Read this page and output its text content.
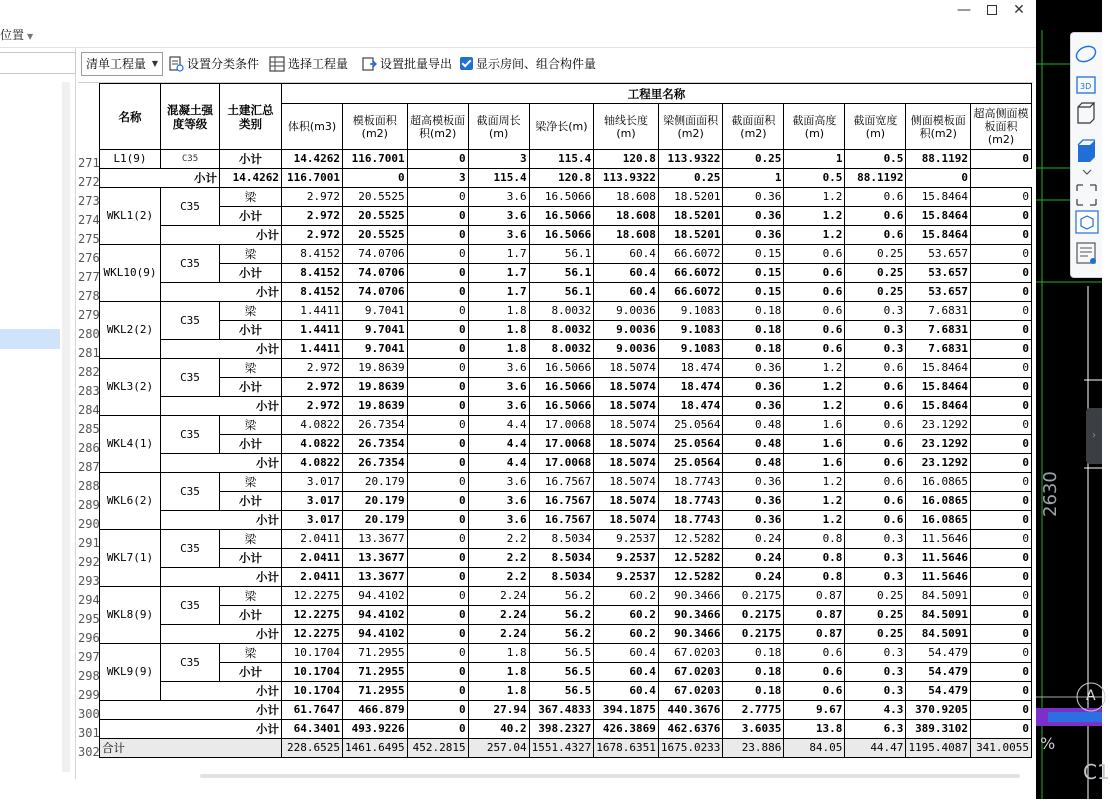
—	✕
位置 ▼
清单工程量 ▼	设置分类条件	选择工程量	设置批量导出	显示房间、组合构件量
271
272
273
274
275
276
277
278
279
280
281
282
283
284
285
286
287
288
289
290
291
292
293
294
295
296
297
298
299
300
301
302
名称	混凝土强度等级	土建汇总类别	工程里名称											
			体积(m3)	模板面积(m2)	超高模板面积(m2)	截面周长(m)	梁净长(m)	轴线长度(m)	梁侧面面积(m2)	截面面积(m2)	截面高度(m)	截面宽度(m)	侧面模板面积(m2)	超高侧面模板面积(m2)
L1(9)	C35	小计	14.4262	116.7001	0	3	115.4	120.8	113.9322	0.25	1	0.5	88.1192	0
小计		14.4262	116.7001	0	3	115.4	120.8	113.9322	0.25	1	0.5	88.1192	0	
WKL1(2)	C35	梁	2.972	20.5525	0	3.6	16.5066	18.608	18.5201	0.36	1.2	0.6	15.8464	0
		小计	2.972	20.5525	0	3.6	16.5066	18.608	18.5201	0.36	1.2	0.6	15.8464	0
	小计		2.972	20.5525	0	3.6	16.5066	18.608	18.5201	0.36	1.2	0.6	15.8464	0
WKL10(9)	C35	梁	8.4152	74.0706	0	1.7	56.1	60.4	66.6072	0.15	0.6	0.25	53.657	0
		小计	8.4152	74.0706	0	1.7	56.1	60.4	66.6072	0.15	0.6	0.25	53.657	0
	小计		8.4152	74.0706	0	1.7	56.1	60.4	66.6072	0.15	0.6	0.25	53.657	0
WKL2(2)	C35	梁	1.4411	9.7041	0	1.8	8.0032	9.0036	9.1083	0.18	0.6	0.3	7.6831	0
		小计	1.4411	9.7041	0	1.8	8.0032	9.0036	9.1083	0.18	0.6	0.3	7.6831	0
	小计		1.4411	9.7041	0	1.8	8.0032	9.0036	9.1083	0.18	0.6	0.3	7.6831	0
WKL3(2)	C35	梁	2.972	19.8639	0	3.6	16.5066	18.5074	18.474	0.36	1.2	0.6	15.8464	0
		小计	2.972	19.8639	0	3.6	16.5066	18.5074	18.474	0.36	1.2	0.6	15.8464	0
	小计		2.972	19.8639	0	3.6	16.5066	18.5074	18.474	0.36	1.2	0.6	15.8464	0
WKL4(1)	C35	梁	4.0822	26.7354	0	4.4	17.0068	18.5074	25.0564	0.48	1.6	0.6	23.1292	0
		小计	4.0822	26.7354	0	4.4	17.0068	18.5074	25.0564	0.48	1.6	0.6	23.1292	0
	小计		4.0822	26.7354	0	4.4	17.0068	18.5074	25.0564	0.48	1.6	0.6	23.1292	0
WKL6(2)	C35	梁	3.017	20.179	0	3.6	16.7567	18.5074	18.7743	0.36	1.2	0.6	16.0865	0
		小计	3.017	20.179	0	3.6	16.7567	18.5074	18.7743	0.36	1.2	0.6	16.0865	0
	小计		3.017	20.179	0	3.6	16.7567	18.5074	18.7743	0.36	1.2	0.6	16.0865	0
WKL7(1)	C35	梁	2.0411	13.3677	0	2.2	8.5034	9.2537	12.5282	0.24	0.8	0.3	11.5646	0
		小计	2.0411	13.3677	0	2.2	8.5034	9.2537	12.5282	0.24	0.8	0.3	11.5646	0
	小计		2.0411	13.3677	0	2.2	8.5034	9.2537	12.5282	0.24	0.8	0.3	11.5646	0
WKL8(9)	C35	梁	12.2275	94.4102	0	2.24	56.2	60.2	90.3466	0.2175	0.87	0.25	84.5091	0
		小计	12.2275	94.4102	0	2.24	56.2	60.2	90.3466	0.2175	0.87	0.25	84.5091	0
	小计		12.2275	94.4102	0	2.24	56.2	60.2	90.3466	0.2175	0.87	0.25	84.5091	0
WKL9(9)	C35	梁	10.1704	71.2955	0	1.8	56.5	60.4	67.0203	0.18	0.6	0.3	54.479	0
		小计	10.1704	71.2955	0	1.8	56.5	60.4	67.0203	0.18	0.6	0.3	54.479	0
	小计		10.1704	71.2955	0	1.8	56.5	60.4	67.0203	0.18	0.6	0.3	54.479	0
小计			61.7647	466.879	0	27.94	367.4833	394.1875	440.3676	2.7775	9.67	4.3	370.9205	0
小计			64.3401	493.9226	0	40.2	398.2327	426.3869	462.6376	3.6035	13.8	6.3	389.3102	0
合计			228.6525	1461.6495	452.2815	257.04	1551.4327	1678.6351	1675.0233	23.886	84.05	44.47	1195.4087	341.0055
2630
A
C1
%
3D
›
